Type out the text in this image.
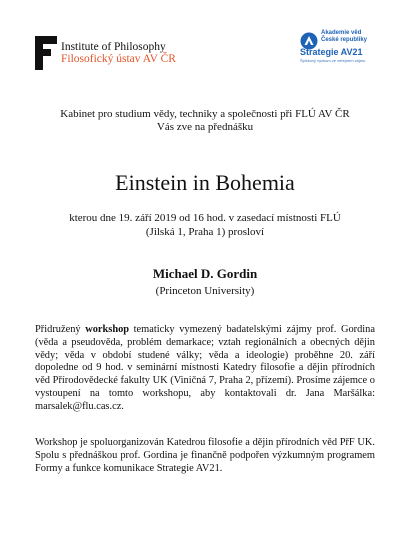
Institute of Philosophy
Filosofický ústav AV ČR
Akademie věd
České republiky
Strategie AV21
Špičkový výzkum ve veřejném zájmu
Kabinet pro studium vědy, techniky a společnosti při FLÚ AV ČR
Vás zve na přednášku
Einstein in Bohemia
kterou dne 19. září 2019 od 16 hod. v zasedací místnosti FLÚ
(Jilská 1, Praha 1) prosloví
Michael D. Gordin
(Princeton University)
Přidružený workshop tematicky vymezený badatelskými zájmy prof. Gordina (věda a pseudověda, problém demarkace; vztah regionálních a obecných dějin vědy; věda v období studené války; věda a ideologie) proběhne 20. září dopoledne od 9 hod. v seminární místnosti Katedry filosofie a dějin přírodních věd Přírodovědecké fakulty UK (Viničná 7, Praha 2, přízemí). Prosíme zájemce o vystoupení na tomto workshopu, aby kontaktovali dr. Jana Maršálka: marsalek@flu.cas.cz.
Workshop je spoluorganizován Katedrou filosofie a dějin přírodních věd PřF UK. Spolu s přednáškou prof. Gordina je finančně podpořen výzkumným programem Formy a funkce komunikace Strategie AV21.
